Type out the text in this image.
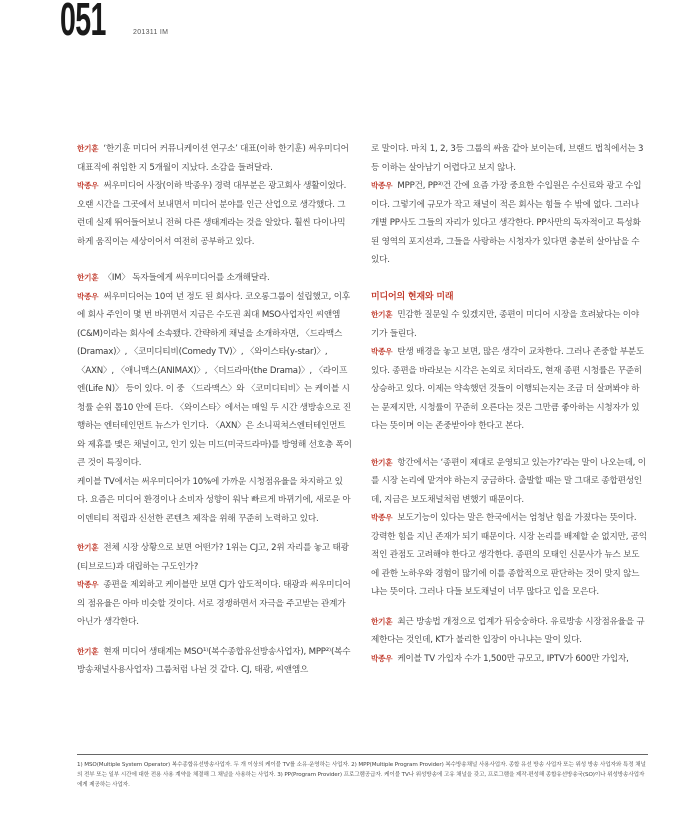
051	201311 IM

한기훈 ‘한기훈 미디어 커뮤니케이션 연구소’ 대표(이하 한기훈) 써우미디어 대표직에 취임한 지 5개월이 지났다. 소감을 들려달라.

박종우 써우미디어 사장(이하 박종우) 경력 대부분은 광고회사 생활이었다. 오랜 시간을 그곳에서 보내면서 미디어 분야를 인근 산업으로 생각했다. 그런데 실제 뛰어들어보니 전혀 다른 생태계라는 것을 알았다. 훨씬 다이나믹하게 움직이는 세상이어서 여전히 공부하고 있다.

한기훈 〈IM〉 독자들에게 써우미디어를 소개해달라.

박종우 써우미디어는 10여 년 정도 된 회사다. 코오롱그룹이 설립했고, 이후에 회사 주인이 몇 번 바뀌면서 지금은 수도권 최대 MSO사업자인 씨앤엠(C&M)이라는 회사에 소속됐다. 간략하게 채널을 소개하자면, 〈드라맥스(Dramax)〉, 〈코미디티비(Comedy TV)〉, 〈와이스타(y-star)〉, 〈AXN〉, 〈애니맥스(ANIMAX)〉, 〈더드라마(the Drama)〉, 〈라이프엔(Life N)〉 등이 있다. 이 중 〈드라맥스〉와 〈코미디티비〉는 케이블 시청률 순위 톱10 안에 든다. 〈와이스타〉에서는 매일 두 시간 생방송으로 진행하는 엔터테인먼트 뉴스가 인기다. 〈AXN〉은 소니픽쳐스엔터테인먼트와 제휴를 맺은 채널이고, 인기 있는 미드(미국드라마)를 방영해 선호층 폭이 큰 것이 특징이다.

케이블 TV에서는 써우미디어가 10%에 가까운 시청점유율을 차지하고 있다. 요즘은 미디어 환경이나 소비자 성향이 워낙 빠르게 바뀌기에, 새로운 아이덴티티 적립과 신선한 콘텐츠 제작을 위해 꾸준히 노력하고 있다.

한기훈 전체 시장 상황으로 보면 어떤가? 1위는 CJ고, 2위 자리를 놓고 태광(티브로드)과 대립하는 구도인가?

박종우 종편을 제외하고 케이블만 보면 CJ가 압도적이다. 태광과 써우미디어의 점유율은 아마 비슷할 것이다. 서로 경쟁하면서 자극을 주고받는 관계가 아닌가 생각한다.

한기훈 현재 미디어 생태계는 MSO¹⁾(복수종합유선방송사업자), MPP²⁾(복수방송채널사용사업자) 그룹처럼 나뉜 것 같다. CJ, 태광, 씨앤엠으

로 말이다. 마치 1, 2, 3등 그룹의 싸움 같아 보이는데, 브랜드 법칙에서는 3등 이하는 살아남기 어렵다고 보지 않나.

박종우 MPP건, PP³⁾건 간에 요즘 가장 중요한 수입원은 수신료와 광고 수입이다. 그렇기에 규모가 작고 채널이 적은 회사는 힘들 수 밖에 없다. 그러나 개별 PP사도 그들의 자리가 있다고 생각한다. PP사만의 독자적이고 특성화된 영역의 포지션과, 그들을 사랑하는 시청자가 있다면 충분히 살아남을 수 있다.

미디어의 현재와 미래

한기훈 민감한 질문일 수 있겠지만, 종편이 미디어 시장을 흐려놨다는 이야기가 들린다.

박종우 탄생 배경을 놓고 보면, 많은 생각이 교차한다. 그러나 존중할 부분도 있다. 종편을 바라보는 시각은 논외로 치더라도, 현재 종편 시청률은 꾸준히 상승하고 있다. 이제는 약속했던 것들이 이행되는지는 조금 더 살펴봐야 하는 문제지만, 시청률이 꾸준히 오른다는 것은 그만큼 좋아하는 시청자가 있다는 뜻이며 이는 존중받아야 한다고 본다.

한기훈 항간에서는 ‘종편이 제대로 운영되고 있는가?’라는 말이 나오는데, 이를 시장 논리에 맡겨야 하는지 궁금하다. 출발할 때는 말 그대로 종합편성인데, 지금은 보도채널처럼 변했기 때문이다.

박종우 보도기능이 있다는 말은 한국에서는 엄청난 힘을 가졌다는 뜻이다. 강력한 힘을 지닌 존재가 되기 때문이다. 시장 논리를 배제할 순 없지만, 공익적인 관점도 고려해야 한다고 생각한다. 종편의 모태인 신문사가 뉴스 보도에 관한 노하우와 경험이 많기에 이를 종합적으로 판단하는 것이 맞지 않느냐는 뜻이다. 그러나 다들 보도채널이 너무 많다고 입을 모은다.

한기훈 최근 방송법 개정으로 업계가 뒤숭숭하다. 유료방송 시장점유율을 규제한다는 것인데, KT가 불리한 입장이 아니냐는 말이 있다.

박종우 케이블 TV 가입자 수가 1,500만 규모고, IPTV가 600만 가입자,

1) MSO(Multiple System Operator) 복수종합유선방송사업자. 두 개 이상의 케이블 TV를 소유·운영하는 사업자. 2) MPP(Multiple Program Provider) 복수방송채널 사용사업자. 종합 유선 방송 사업자 또는 위성 방송 사업자와 특정 채널의 전부 또는 일부 시간에 대한 전용 사용 계약을 체결해 그 채널을 사용하는 사업자. 3) PP(Program Provider) 프로그램공급자. 케이블 TV나 위성방송에 고유 채널을 갖고, 프로그램을 제작·편성해 종합유선방송국(SO)이나 위성방송사업자에게 제공하는 사업자.
